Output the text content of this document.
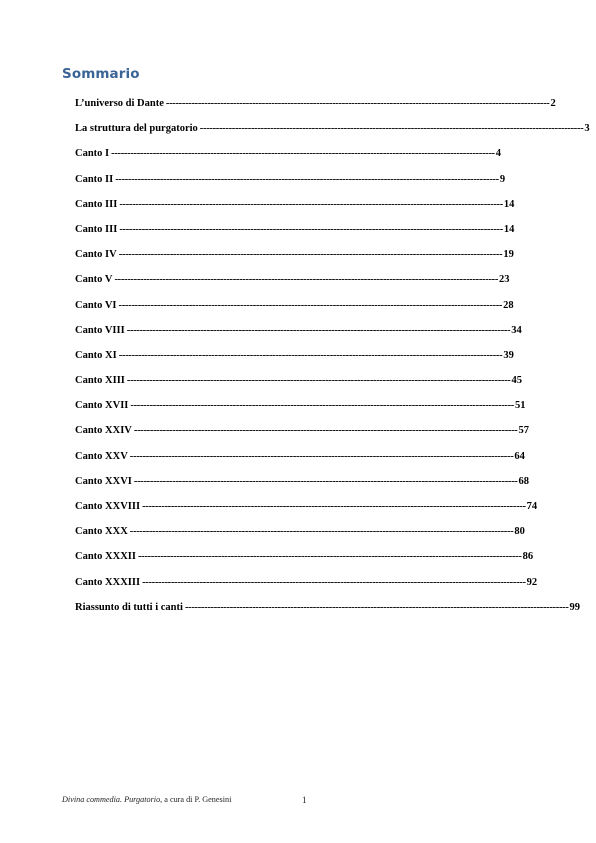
Sommario
L’universo di Dante ------------------------------------------------------------------------------------------------------------------------ 2
La struttura del purgatorio ------------------------------------------------------------------------------------------------------------------------ 3
Canto I ------------------------------------------------------------------------------------------------------------------------ 4
Canto II ------------------------------------------------------------------------------------------------------------------------ 9
Canto III ------------------------------------------------------------------------------------------------------------------------ 14
Canto III ------------------------------------------------------------------------------------------------------------------------ 14
Canto IV ------------------------------------------------------------------------------------------------------------------------ 19
Canto V ------------------------------------------------------------------------------------------------------------------------ 23
Canto VI ------------------------------------------------------------------------------------------------------------------------ 28
Canto VIII ------------------------------------------------------------------------------------------------------------------------ 34
Canto XI ------------------------------------------------------------------------------------------------------------------------ 39
Canto XIII ------------------------------------------------------------------------------------------------------------------------ 45
Canto XVII ------------------------------------------------------------------------------------------------------------------------ 51
Canto XXIV ------------------------------------------------------------------------------------------------------------------------ 57
Canto XXV ------------------------------------------------------------------------------------------------------------------------ 64
Canto XXVI ------------------------------------------------------------------------------------------------------------------------ 68
Canto XXVIII ------------------------------------------------------------------------------------------------------------------------ 74
Canto XXX ------------------------------------------------------------------------------------------------------------------------ 80
Canto XXXII ------------------------------------------------------------------------------------------------------------------------ 86
Canto XXXIII ------------------------------------------------------------------------------------------------------------------------ 92
Riassunto di tutti i canti ------------------------------------------------------------------------------------------------------------------------ 99
Divina commedia. Purgatorio, a cura di P. Genesini	1
